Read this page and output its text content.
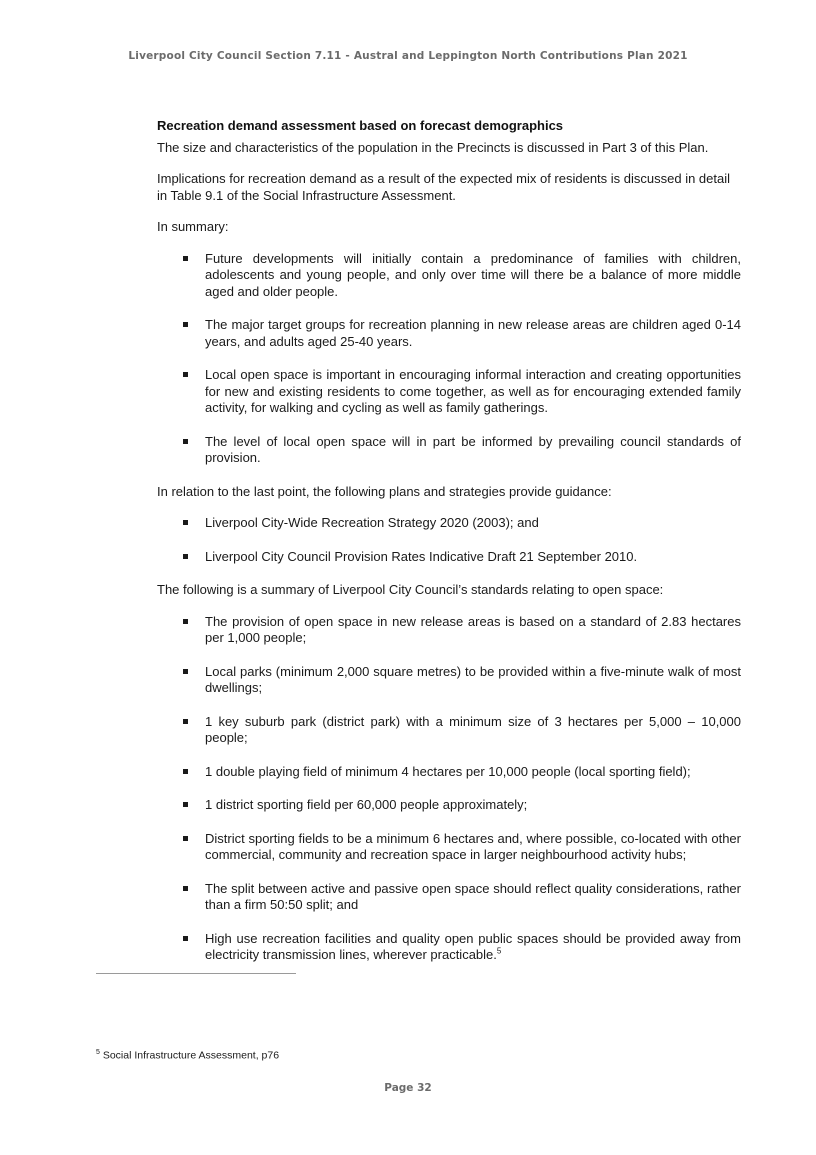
Liverpool City Council Section 7.11 - Austral and Leppington North Contributions Plan 2021
Recreation demand assessment based on forecast demographics

The size and characteristics of the population in the Precincts is discussed in Part 3 of this Plan.

Implications for recreation demand as a result of the expected mix of residents is discussed in detail in Table 9.1 of the Social Infrastructure Assessment.

In summary:

Future developments will initially contain a predominance of families with children, adolescents and young people, and only over time will there be a balance of more middle aged and older people.
The major target groups for recreation planning in new release areas are children aged 0-14 years, and adults aged 25-40 years.
Local open space is important in encouraging informal interaction and creating opportunities for new and existing residents to come together, as well as for encouraging extended family activity, for walking and cycling as well as family gatherings.
The level of local open space will in part be informed by prevailing council standards of provision.

In relation to the last point, the following plans and strategies provide guidance:

Liverpool City-Wide Recreation Strategy 2020 (2003); and
Liverpool City Council Provision Rates Indicative Draft 21 September 2010.

The following is a summary of Liverpool City Council’s standards relating to open space:

The provision of open space in new release areas is based on a standard of 2.83 hectares per 1,000 people;
Local parks (minimum 2,000 square metres) to be provided within a five-minute walk of most dwellings;
1 key suburb park (district park) with a minimum size of 3 hectares per 5,000 – 10,000 people;
1 double playing field of minimum 4 hectares per 10,000 people (local sporting field);
1 district sporting field per 60,000 people approximately;
District sporting fields to be a minimum 6 hectares and, where possible, co-located with other commercial, community and recreation space in larger neighbourhood activity hubs;
The split between active and passive open space should reflect quality considerations, rather than a firm 50:50 split; and
High use recreation facilities and quality open public spaces should be provided away from electricity transmission lines, wherever practicable.$^5$
$^5$ Social Infrastructure Assessment, p76
Page 32
